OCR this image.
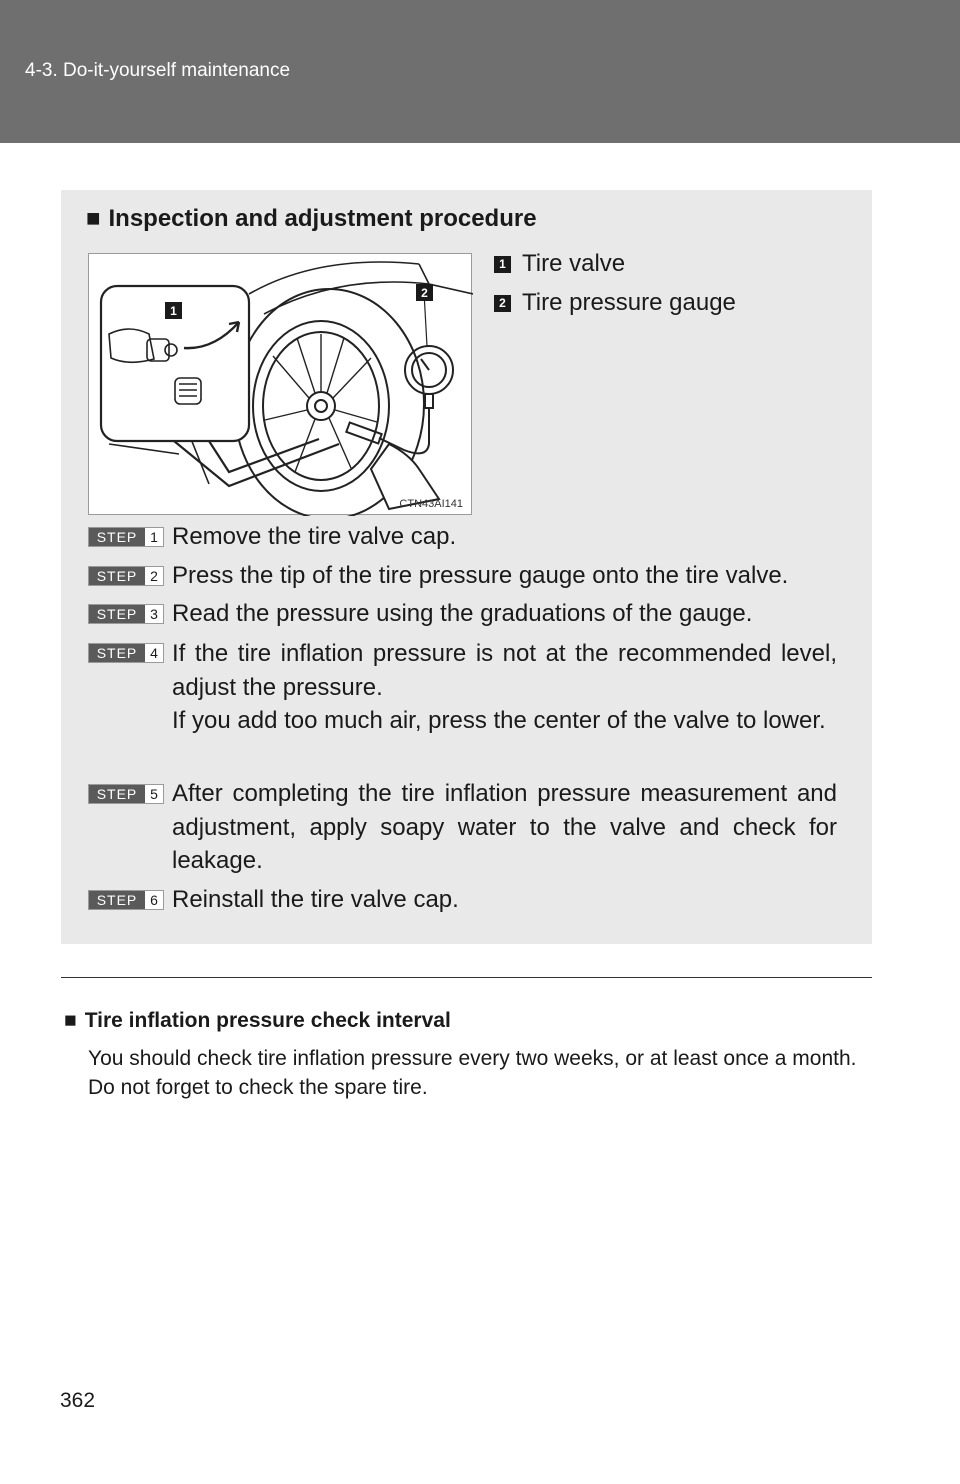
4-3. Do-it-yourself maintenance
■ Inspection and adjustment procedure
1
2
CTN43AI141
1 Tire valve
2 Tire pressure gauge
STEP 1 Remove the tire valve cap.

STEP 2 Press the tip of the tire pressure gauge onto the tire valve.

STEP 3 Read the pressure using the graduations of the gauge.

STEP 4 If the tire inflation pressure is not at the recommended level, adjust the pressure.

If you add too much air, press the center of the valve to lower.

STEP 5 After completing the tire inflation pressure measurement and adjustment, apply soapy water to the valve and check for leakage.

STEP 6 Reinstall the tire valve cap.

■ Tire inflation pressure check interval

You should check tire inflation pressure every two weeks, or at least once a month.

Do not forget to check the spare tire.

362
